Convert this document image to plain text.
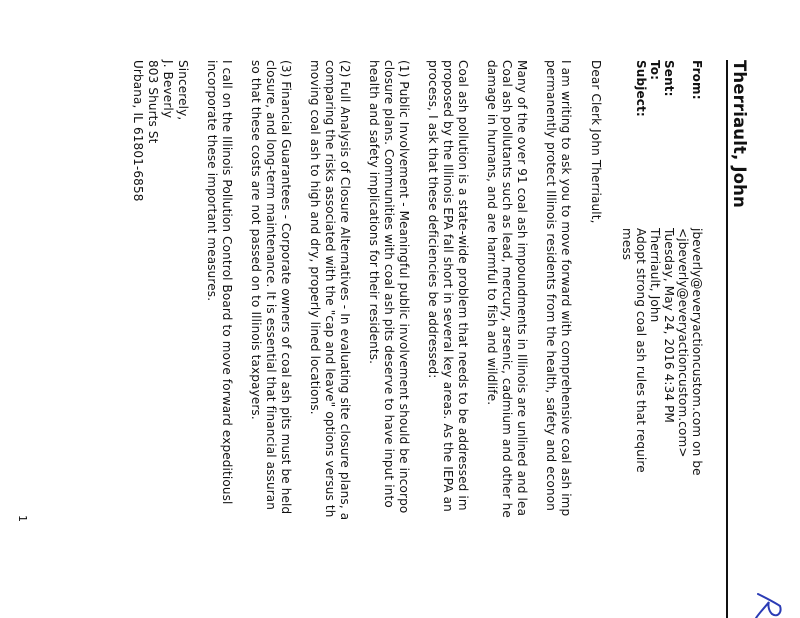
Therriault, John
From:
jbeverly@everyactioncustom.com on be
<jbeverly@everyactioncustom.com>
Sent:
Tuesday, May 24, 2016 4:34 PM
To:
Therriault, John
Subject:
Adopt strong coal ash rules that require
mess
Dear Clerk John Therriault,
I am writing to ask you to move forward with comprehensive coal ash imp
permanently protect Illinois residents from the health, safety and econon
Many of the over 91 coal ash impoundments in Illinois are unlined and lea
Coal ash pollutants such as lead, mercury, arsenic, cadmium and other he
damage in humans, and are harmful to fish and wildlife.
Coal ash pollution is a state-wide problem that needs to be addressed im
proposed by the Illinois EPA fall short in several key areas. As the IEPA an
process, I ask that these deficiencies be addressed:
(1) Public Involvement - Meaningful public involvement should be incorpo
closure plans. Communities with coal ash pits deserve to have input into
health and safety implications for their residents.
(2) Full Analysis of Closure Alternatives - In evaluating site closure plans, a
comparing the risks associated with the "cap and leave" options versus th
moving coal ash to high and dry, properly lined locations.
(3) Financial Guarantees - Corporate owners of coal ash pits must be held
closure, and long-term maintenance. It is essential that financial assuran
so that these costs are not passed on to Illinois taxpayers.
I call on the Illinois Pollution Control Board to move forward expeditiousl
incorporate these important measures.
Sincerely,
J. Beverly
803 Shurts St
Urbana, IL 61801-6858
1
